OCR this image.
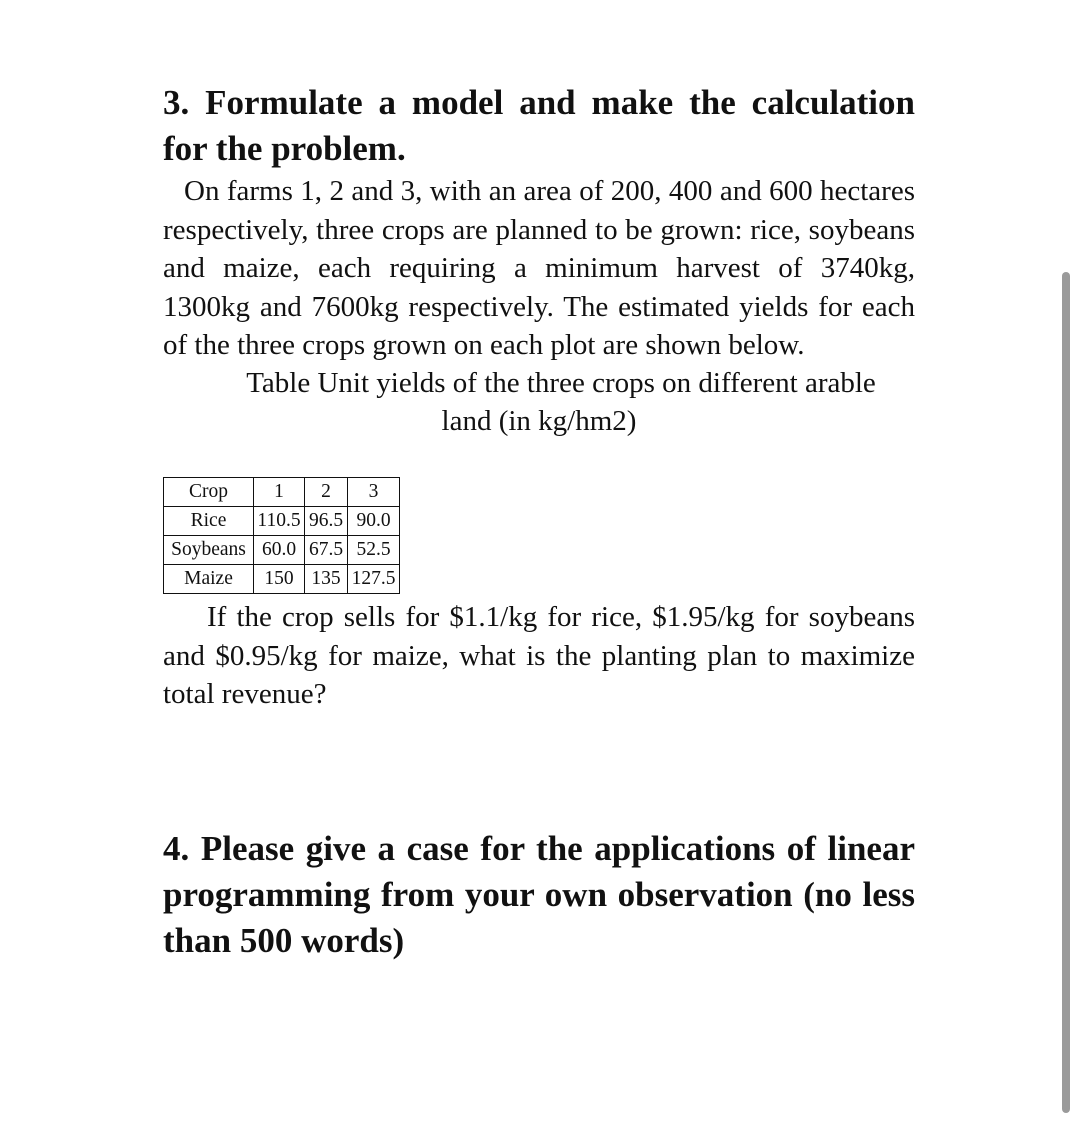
3. Formulate a model and make the calculation for the problem.

On farms 1, 2 and 3, with an area of 200, 400 and 600 hectares respectively, three crops are planned to be grown: rice, soybeans and maize, each requiring a minimum harvest of 3740kg, 1300kg and 7600kg respectively. The estimated yields for each of the three crops grown on each plot are shown below.

Table Unit yields of the three crops on different arable

land (in kg/hm2)

Crop	1	2	3
Rice	110.5	96.5	90.0
Soybeans	60.0	67.5	52.5
Maize	150	135	127.5

If the crop sells for $1.1/kg for rice, $1.95/kg for soybeans and $0.95/kg for maize, what is the planting plan to maximize total revenue?

4. Please give a case for the applications of linear programming from your own observation (no less than 500 words)
